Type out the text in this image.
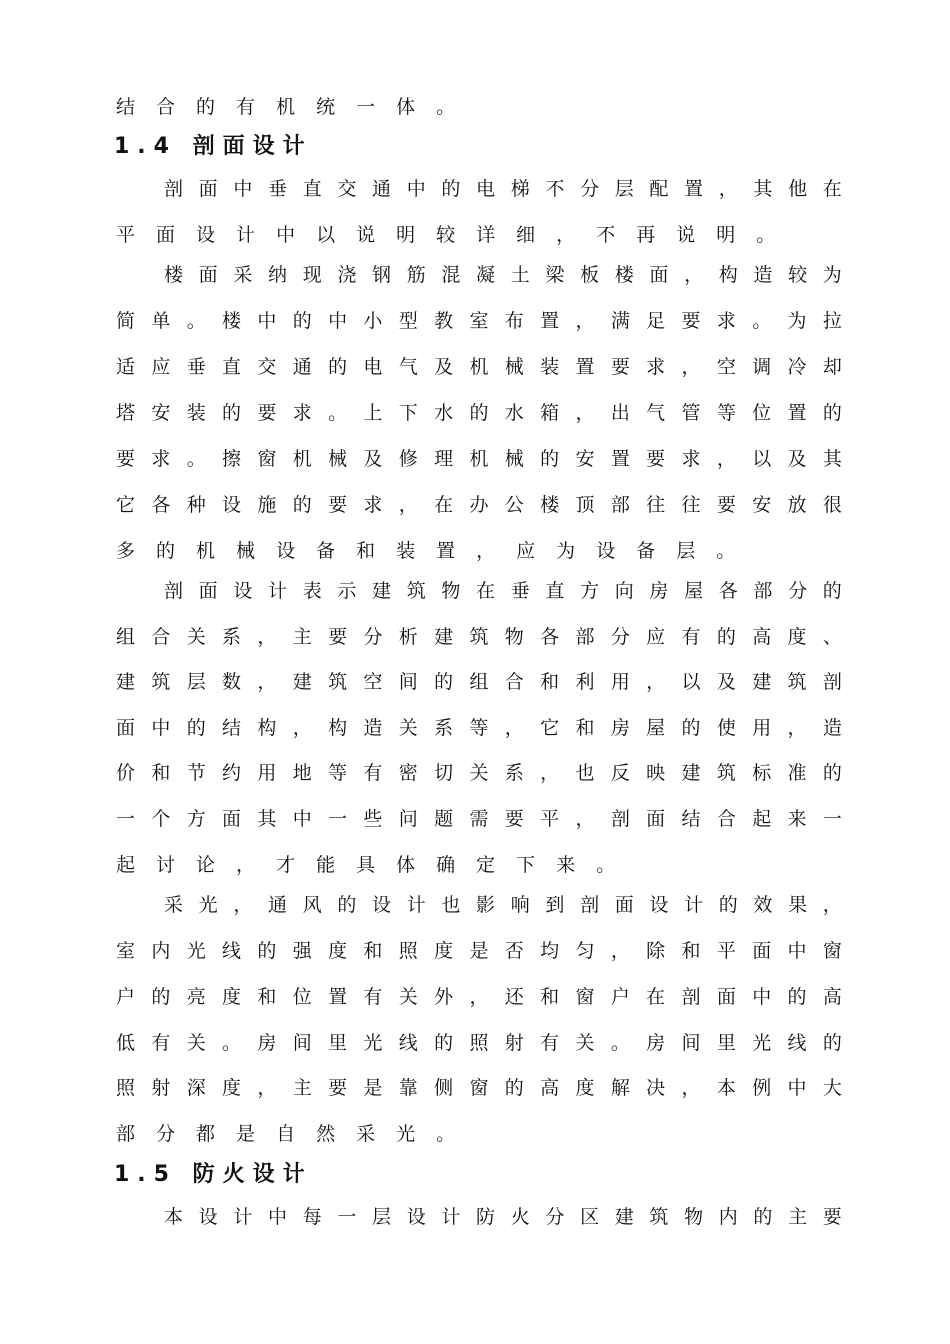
结 合 的 有 机 统 一 体 。
1.4 剖面设计
剖 面 中 垂 直 交 通 中 的 电 梯 不 分 层 配 置 ， 其 他 在
平 面 设 计 中 以 说 明 较 详 细 ， 不 再 说 明 。
楼 面 采 纳 现 浇 钢 筋 混 凝 土 梁 板 楼 面 ， 构 造 较 为
简 单 。 楼 中 的 中 小 型 教 室 布 置 ， 满 足 要 求 。 为 拉
适 应 垂 直 交 通 的 电 气 及 机 械 装 置 要 求 ， 空 调 冷 却
塔 安 装 的 要 求 。 上 下 水 的 水 箱 ， 出 气 管 等 位 置 的
要 求 。 擦 窗 机 械 及 修 理 机 械 的 安 置 要 求 ， 以 及 其
它 各 种 设 施 的 要 求 ， 在 办 公 楼 顶 部 往 往 要 安 放 很
多 的 机 械 设 备 和 装 置 ， 应 为 设 备 层 。
剖 面 设 计 表 示 建 筑 物 在 垂 直 方 向 房 屋 各 部 分 的
组 合 关 系 ， 主 要 分 析 建 筑 物 各 部 分 应 有 的 高 度 、
建 筑 层 数 ， 建 筑 空 间 的 组 合 和 利 用 ， 以 及 建 筑 剖
面 中 的 结 构 ， 构 造 关 系 等 ， 它 和 房 屋 的 使 用 ， 造
价 和 节 约 用 地 等 有 密 切 关 系 ， 也 反 映 建 筑 标 准 的
一 个 方 面 其 中 一 些 问 题 需 要 平 ， 剖 面 结 合 起 来 一
起 讨 论 ， 才 能 具 体 确 定 下 来 。
采 光 ， 通 风 的 设 计 也 影 响 到 剖 面 设 计 的 效 果 ，
室 内 光 线 的 强 度 和 照 度 是 否 均 匀 ， 除 和 平 面 中 窗
户 的 亮 度 和 位 置 有 关 外 ， 还 和 窗 户 在 剖 面 中 的 高
低 有 关 。 房 间 里 光 线 的 照 射 有 关 。 房 间 里 光 线 的
照 射 深 度 ， 主 要 是 靠 侧 窗 的 高 度 解 决 ， 本 例 中 大
部 分 都 是 自 然 采 光 。
1.5 防火设计
本 设 计 中 每 一 层 设 计 防 火 分 区 建 筑 物 内 的 主 要
